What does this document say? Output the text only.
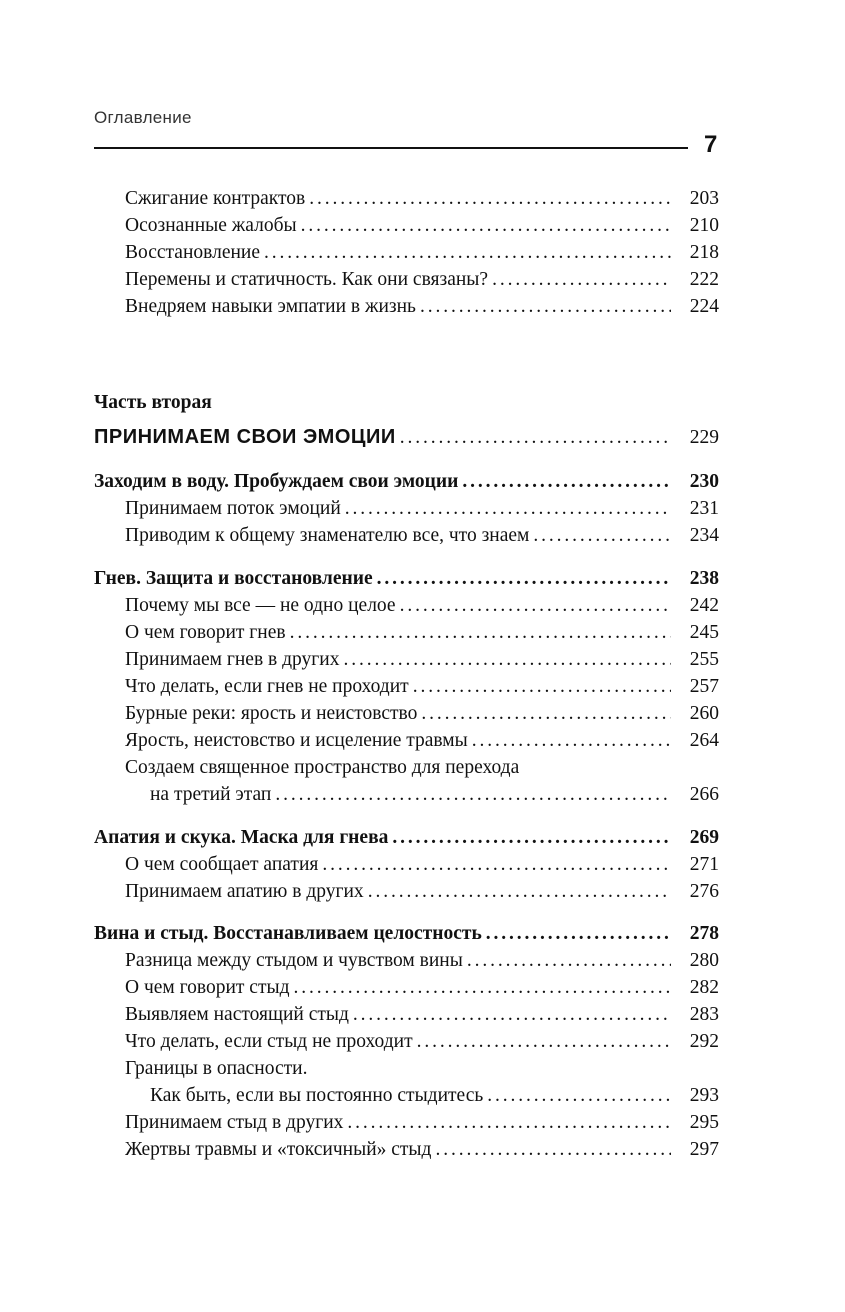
Оглавление
7
Сжигание контрактов . . .	203
Осознанные жалобы . . .	210
Восстановление . . .	218
Перемены и статичность. Как они связаны? . . .	222
Внедряем навыки эмпатии в жизнь . . .	224
Часть вторая
ПРИНИМАЕМ СВОИ ЭМОЦИИ . . .	229
Заходим в воду. Пробуждаем свои эмоции . . .	230
Принимаем поток эмоций . . .	231
Приводим к общему знаменателю все, что знаем . . .	234
Гнев. Защита и восстановление . . .	238
Почему мы все — не одно целое . . .	242
О чем говорит гнев . . .	245
Принимаем гнев в других . . .	255
Что делать, если гнев не проходит . . .	257
Бурные реки: ярость и неистовство . . .	260
Ярость, неистовство и исцеление травмы . . .	264
Создаем священное пространство для перехода
на третий этап . . .	266
Апатия и скука. Маска для гнева . . .	269
О чем сообщает апатия . . .	271
Принимаем апатию в других . . .	276
Вина и стыд. Восстанавливаем целостность . . .	278
Разница между стыдом и чувством вины . . .	280
О чем говорит стыд . . .	282
Выявляем настоящий стыд . . .	283
Что делать, если стыд не проходит . . .	292
Границы в опасности.
Как быть, если вы постоянно стыдитесь . . .	293
Принимаем стыд в других . . .	295
Жертвы травмы и «токсичный» стыд . . .	297
